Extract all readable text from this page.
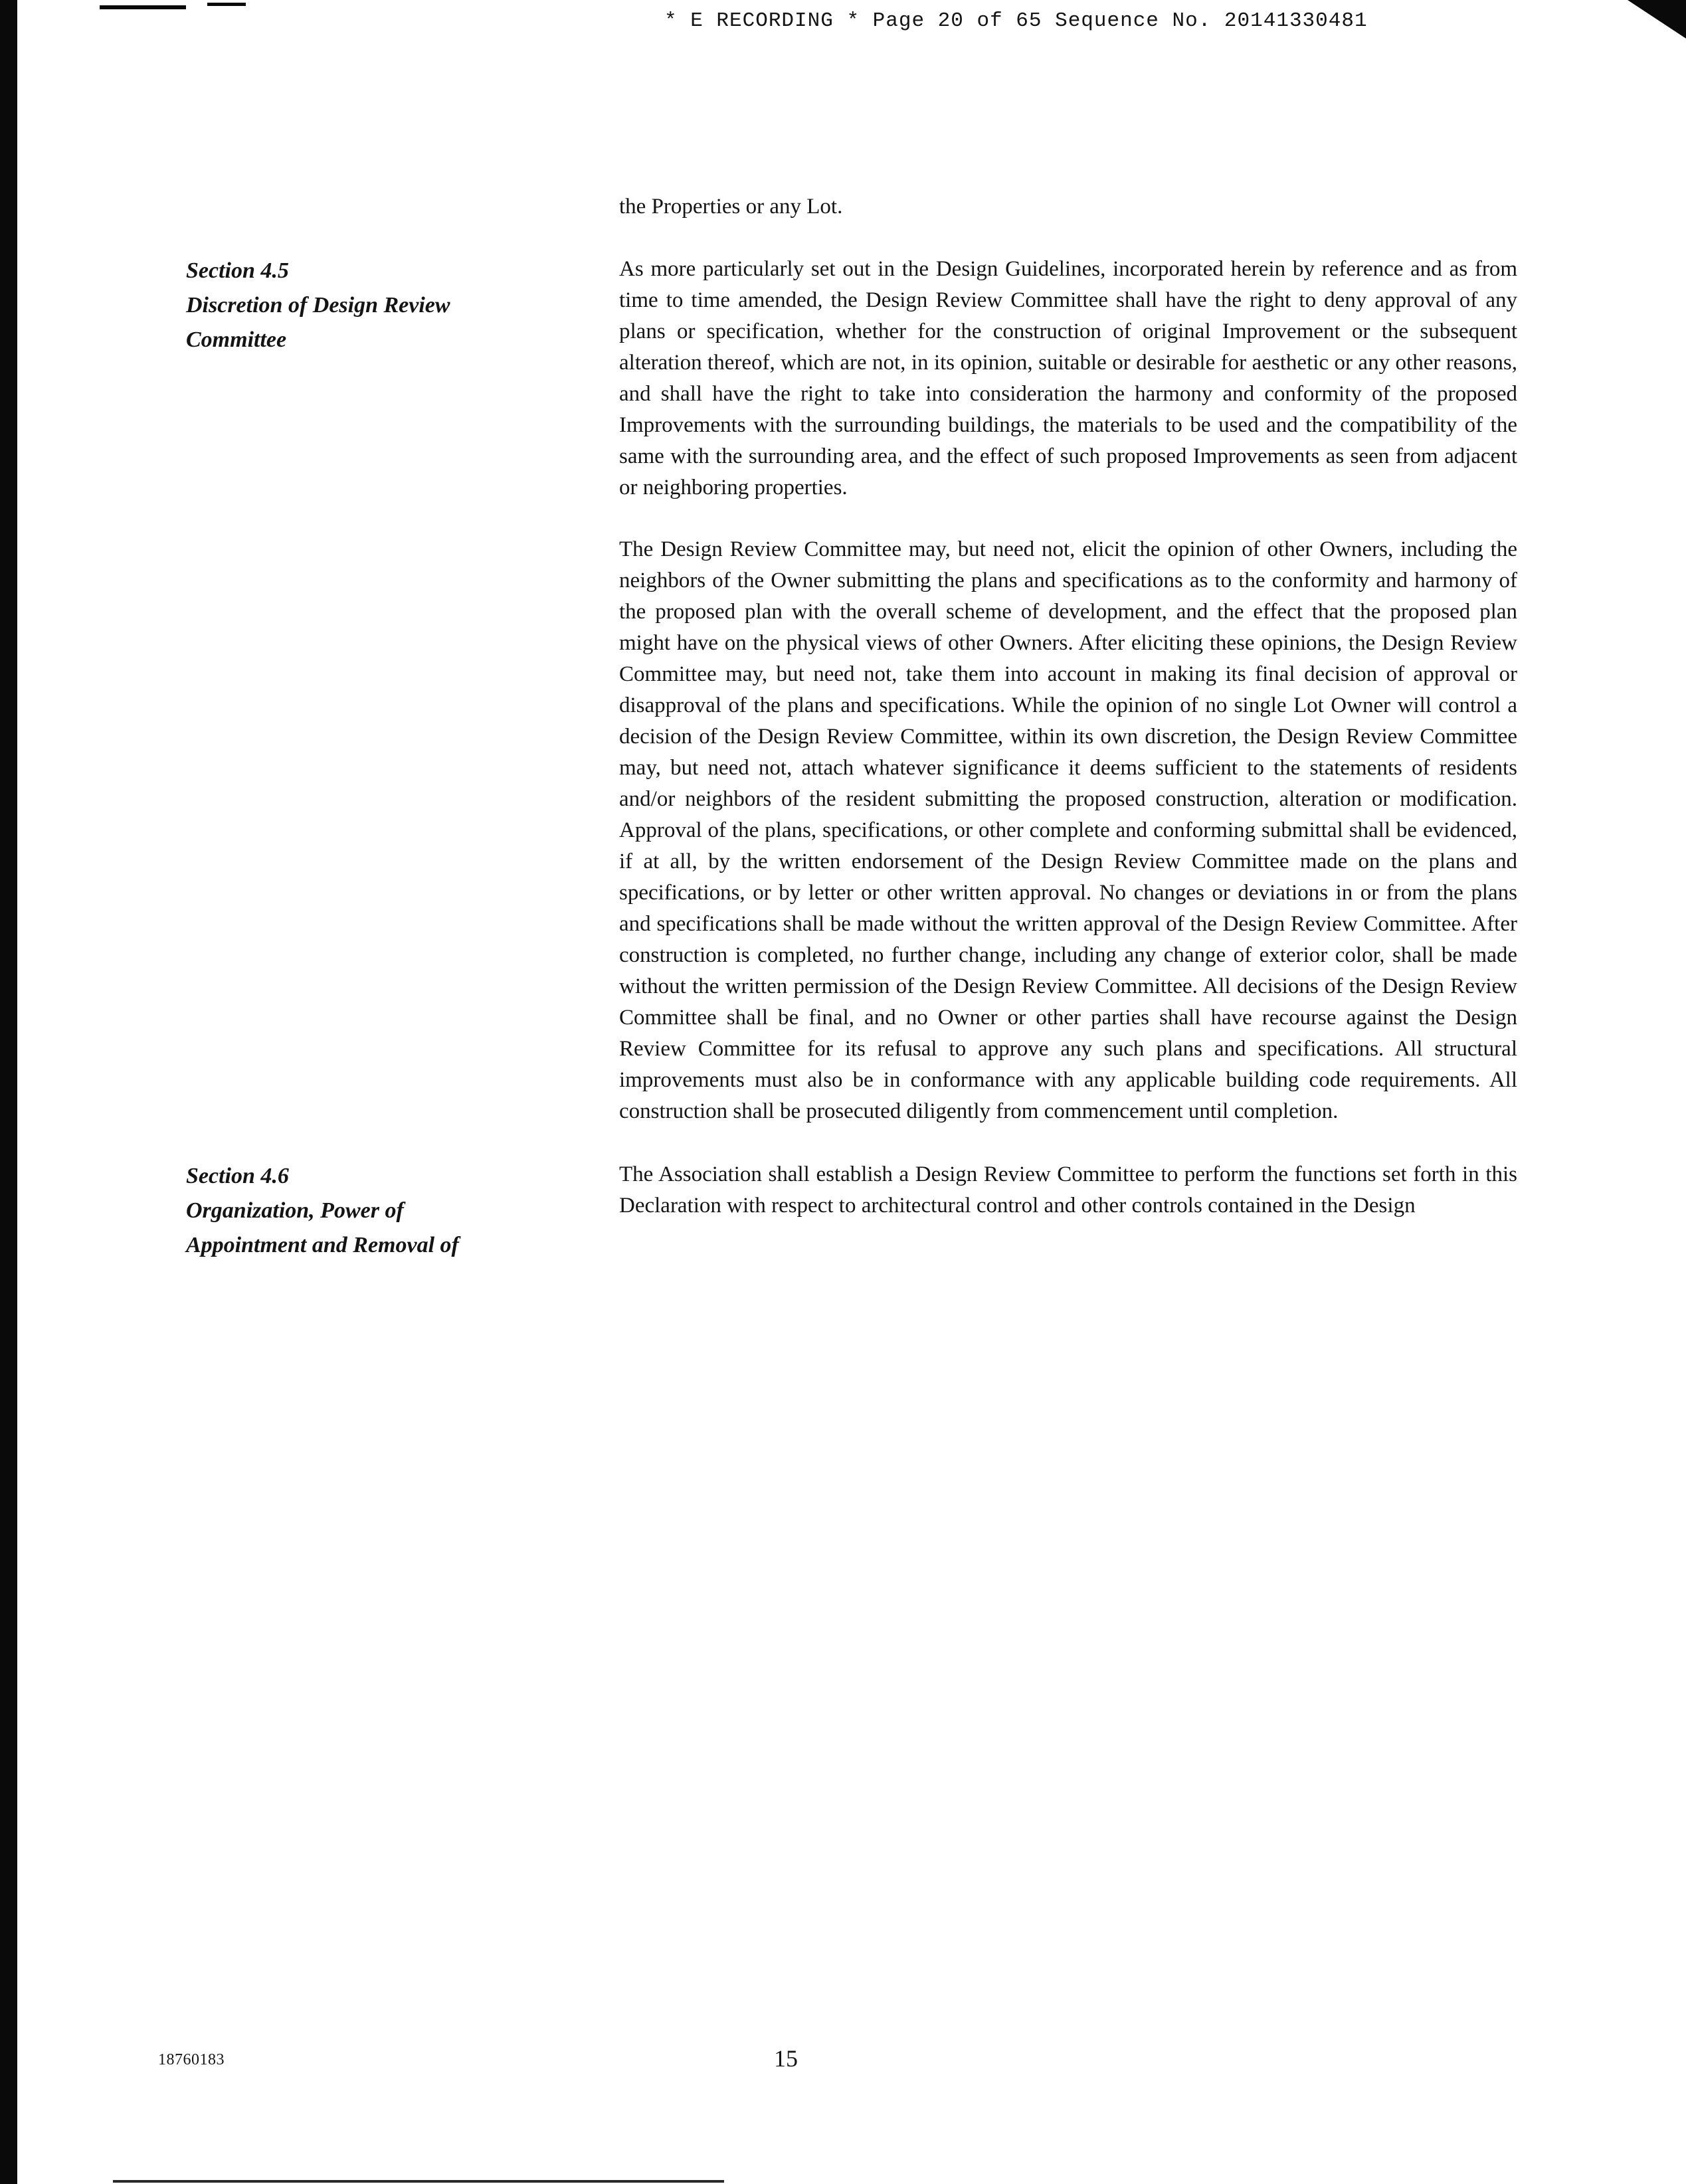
* E RECORDING * Page 20 of 65 Sequence No. 20141330481
the Properties or any Lot.
Section 4.5
Discretion of Design Review
Committee

As more particularly set out in the Design Guidelines, incorporated herein by reference and as from time to time amended, the Design Review Committee shall have the right to deny approval of any plans or specification, whether for the construction of original Improvement or the subsequent alteration thereof, which are not, in its opinion, suitable or desirable for aesthetic or any other reasons, and shall have the right to take into consideration the harmony and conformity of the proposed Improvements with the surrounding buildings, the materials to be used and the compatibility of the same with the surrounding area, and the effect of such proposed Improvements as seen from adjacent or neighboring properties.

The Design Review Committee may, but need not, elicit the opinion of other Owners, including the neighbors of the Owner submitting the plans and specifications as to the conformity and harmony of the proposed plan with the overall scheme of development, and the effect that the proposed plan might have on the physical views of other Owners. After eliciting these opinions, the Design Review Committee may, but need not, take them into account in making its final decision of approval or disapproval of the plans and specifications. While the opinion of no single Lot Owner will control a decision of the Design Review Committee, within its own discretion, the Design Review Committee may, but need not, attach whatever significance it deems sufficient to the statements of residents and/or neighbors of the resident submitting the proposed construction, alteration or modification. Approval of the plans, specifications, or other complete and conforming submittal shall be evidenced, if at all, by the written endorsement of the Design Review Committee made on the plans and specifications, or by letter or other written approval. No changes or deviations in or from the plans and specifications shall be made without the written approval of the Design Review Committee. After construction is completed, no further change, including any change of exterior color, shall be made without the written permission of the Design Review Committee. All decisions of the Design Review Committee shall be final, and no Owner or other parties shall have recourse against the Design Review Committee for its refusal to approve any such plans and specifications. All structural improvements must also be in conformance with any applicable building code requirements. All construction shall be prosecuted diligently from commencement until completion.

Section 4.6
Organization, Power of
Appointment and Removal of

The Association shall establish a Design Review Committee to perform the functions set forth in this Declaration with respect to architectural control and other controls contained in the Design

18760183	15
